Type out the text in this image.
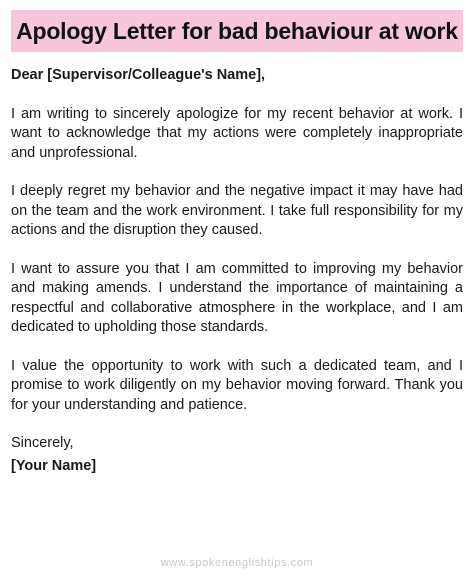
Apology Letter for bad behaviour at work

Dear [Supervisor/Colleague's Name],

I am writing to sincerely apologize for my recent behavior at work. I want to acknowledge that my actions were completely inappropriate and unprofessional.

I deeply regret my behavior and the negative impact it may have had on the team and the work environment. I take full responsibility for my actions and the disruption they caused.

I want to assure you that I am committed to improving my behavior and making amends. I understand the importance of maintaining a respectful and collaborative atmosphere in the workplace, and I am dedicated to upholding those standards.

I value the opportunity to work with such a dedicated team, and I promise to work diligently on my behavior moving forward. Thank you for your understanding and patience.

Sincerely,

[Your Name]

www.spokenenglishtips.com
